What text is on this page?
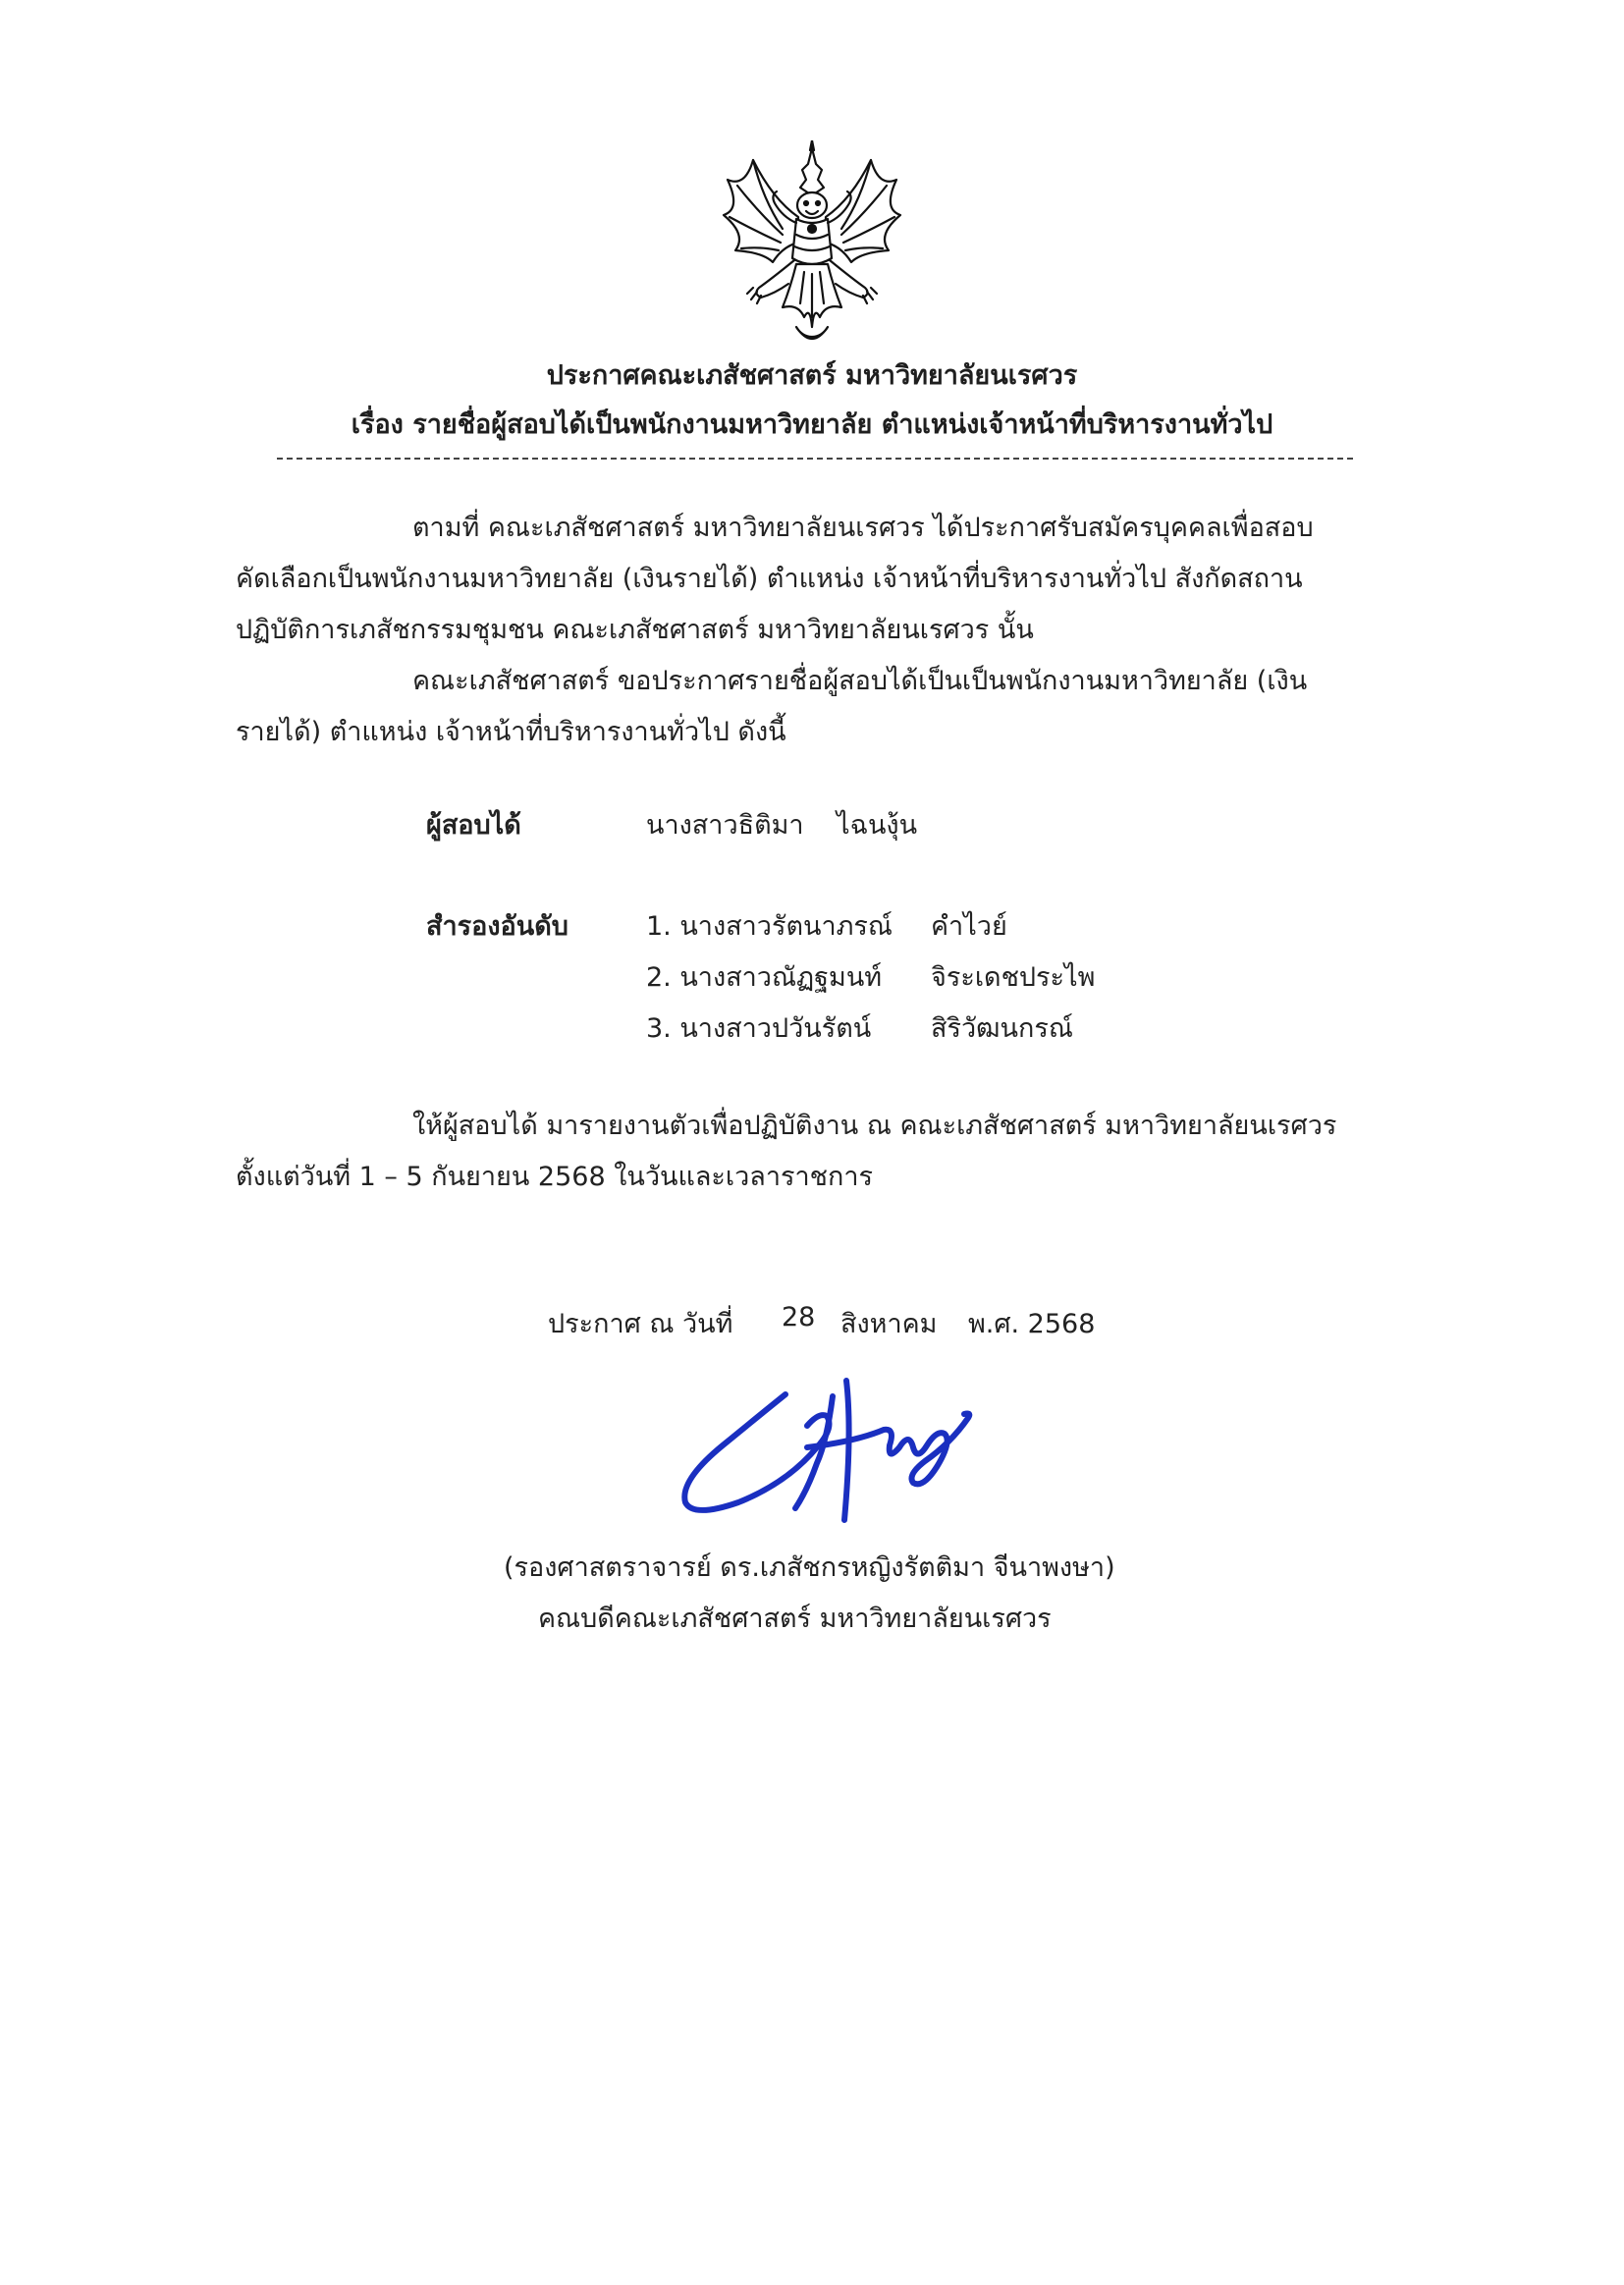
ประกาศคณะเภสัชศาสตร์ มหาวิทยาลัยนเรศวร

เรื่อง รายชื่อผู้สอบได้เป็นพนักงานมหาวิทยาลัย ตำแหน่งเจ้าหน้าที่บริหารงานทั่วไป

ตามที่ คณะเภสัชศาสตร์ มหาวิทยาลัยนเรศวร ได้ประกาศรับสมัครบุคคลเพื่อสอบ

คัดเลือกเป็นพนักงานมหาวิทยาลัย (เงินรายได้) ตำแหน่ง เจ้าหน้าที่บริหารงานทั่วไป สังกัดสถาน

ปฏิบัติการเภสัชกรรมชุมชน คณะเภสัชศาสตร์ มหาวิทยาลัยนเรศวร นั้น

คณะเภสัชศาสตร์ ขอประกาศรายชื่อผู้สอบได้เป็นเป็นพนักงานมหาวิทยาลัย (เงิน

รายได้) ตำแหน่ง เจ้าหน้าที่บริหารงานทั่วไป ดังนี้

ผู้สอบได้	นางสาวธิติมา ไฉนงุ้น

สำรองอันดับ	1. นางสาวรัตนาภรณ์ คำไวย์

2. นางสาวณัฏฐมนท์ จิระเดชประไพ

3. นางสาวปวันรัตน์ สิริวัฒนกรณ์

ให้ผู้สอบได้ มารายงานตัวเพื่อปฏิบัติงาน ณ คณะเภสัชศาสตร์ มหาวิทยาลัยนเรศวร

ตั้งแต่วันที่ 1 – 5 กันยายน 2568 ในวันและเวลาราชการ

ประกาศ ณ วันที่ 28 สิงหาคม พ.ศ. 2568

(รองศาสตราจารย์ ดร.เภสัชกรหญิงรัตติมา จีนาพงษา)

คณบดีคณะเภสัชศาสตร์ มหาวิทยาลัยนเรศวร
